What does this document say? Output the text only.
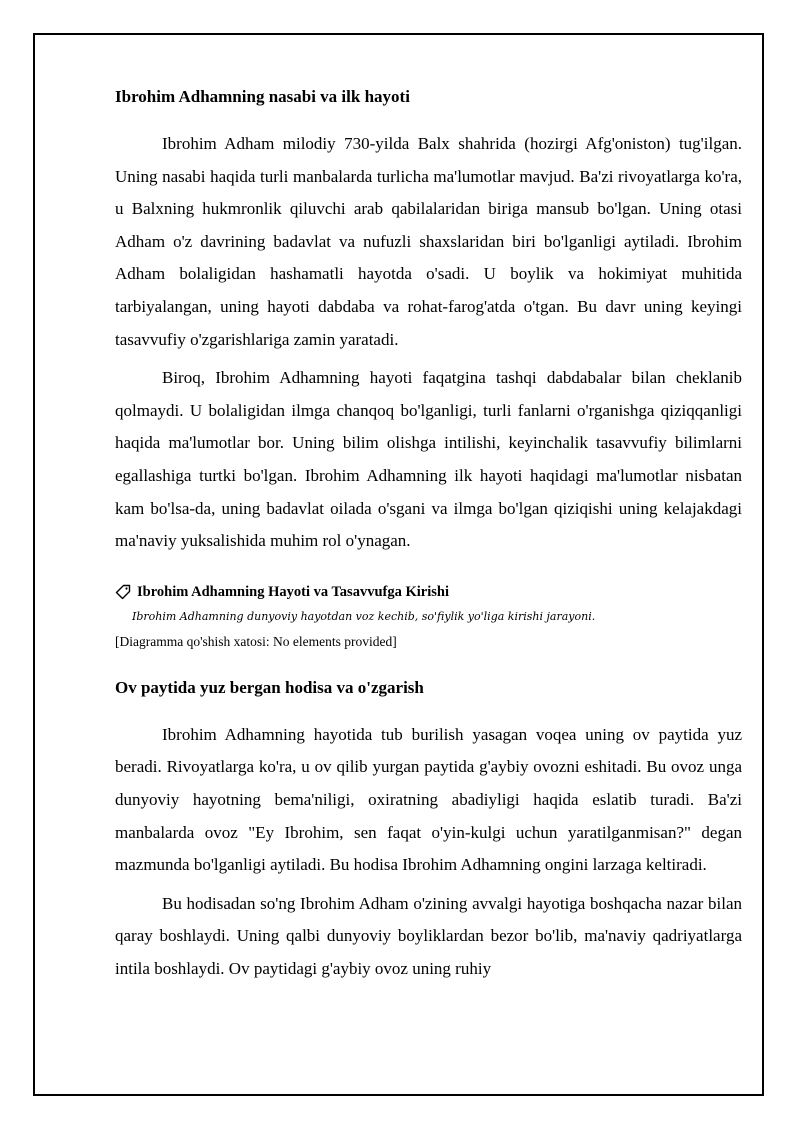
Ibrohim Adhamning nasabi va ilk hayoti

Ibrohim Adham milodiy 730-yilda Balx shahrida (hozirgi Afg'oniston) tug'ilgan. Uning nasabi haqida turli manbalarda turlicha ma'lumotlar mavjud. Ba'zi rivoyatlarga ko'ra, u Balxning hukmronlik qiluvchi arab qabilalaridan biriga mansub bo'lgan. Uning otasi Adham o'z davrining badavlat va nufuzli shaxslaridan biri bo'lganligi aytiladi. Ibrohim Adham bolaligidan hashamatli hayotda o'sadi. U boylik va hokimiyat muhitida tarbiyalangan, uning hayoti dabdaba va rohat-farog'atda o'tgan. Bu davr uning keyingi tasavvufiy o'zgarishlariga zamin yaratadi.

Biroq, Ibrohim Adhamning hayoti faqatgina tashqi dabdabalar bilan cheklanib qolmaydi. U bolaligidan ilmga chanqoq bo'lganligi, turli fanlarni o'rganishga qiziqqanligi haqida ma'lumotlar bor. Uning bilim olishga intilishi, keyinchalik tasavvufiy bilimlarni egallashiga turtki bo'lgan. Ibrohim Adhamning ilk hayoti haqidagi ma'lumotlar nisbatan kam bo'lsa-da, uning badavlat oilada o'sgani va ilmga bo'lgan qiziqishi uning kelajakdagi ma'naviy yuksalishida muhim rol o'ynagan.

Ibrohim Adhamning Hayoti va Tasavvufga Kirishi
Ibrohim Adhamning dunyoviy hayotdan voz kechib, so'fiylik yo'liga kirishi jarayoni.
[Diagramma qo'shish xatosi: No elements provided]
Ov paytida yuz bergan hodisa va o'zgarish

Ibrohim Adhamning hayotida tub burilish yasagan voqea uning ov paytida yuz beradi. Rivoyatlarga ko'ra, u ov qilib yurgan paytida g'aybiy ovozni eshitadi. Bu ovoz unga dunyoviy hayotning bema'niligi, oxiratning abadiyligi haqida eslatib turadi. Ba'zi manbalarda ovoz "Ey Ibrohim, sen faqat o'yin-kulgi uchun yaratilganmisan?" degan mazmunda bo'lganligi aytiladi. Bu hodisa Ibrohim Adhamning ongini larzaga keltiradi.

Bu hodisadan so'ng Ibrohim Adham o'zining avvalgi hayotiga boshqacha nazar bilan qaray boshlaydi. Uning qalbi dunyoviy boyliklardan bezor bo'lib, ma'naviy qadriyatlarga intila boshlaydi. Ov paytidagi g'aybiy ovoz uning ruhiy
